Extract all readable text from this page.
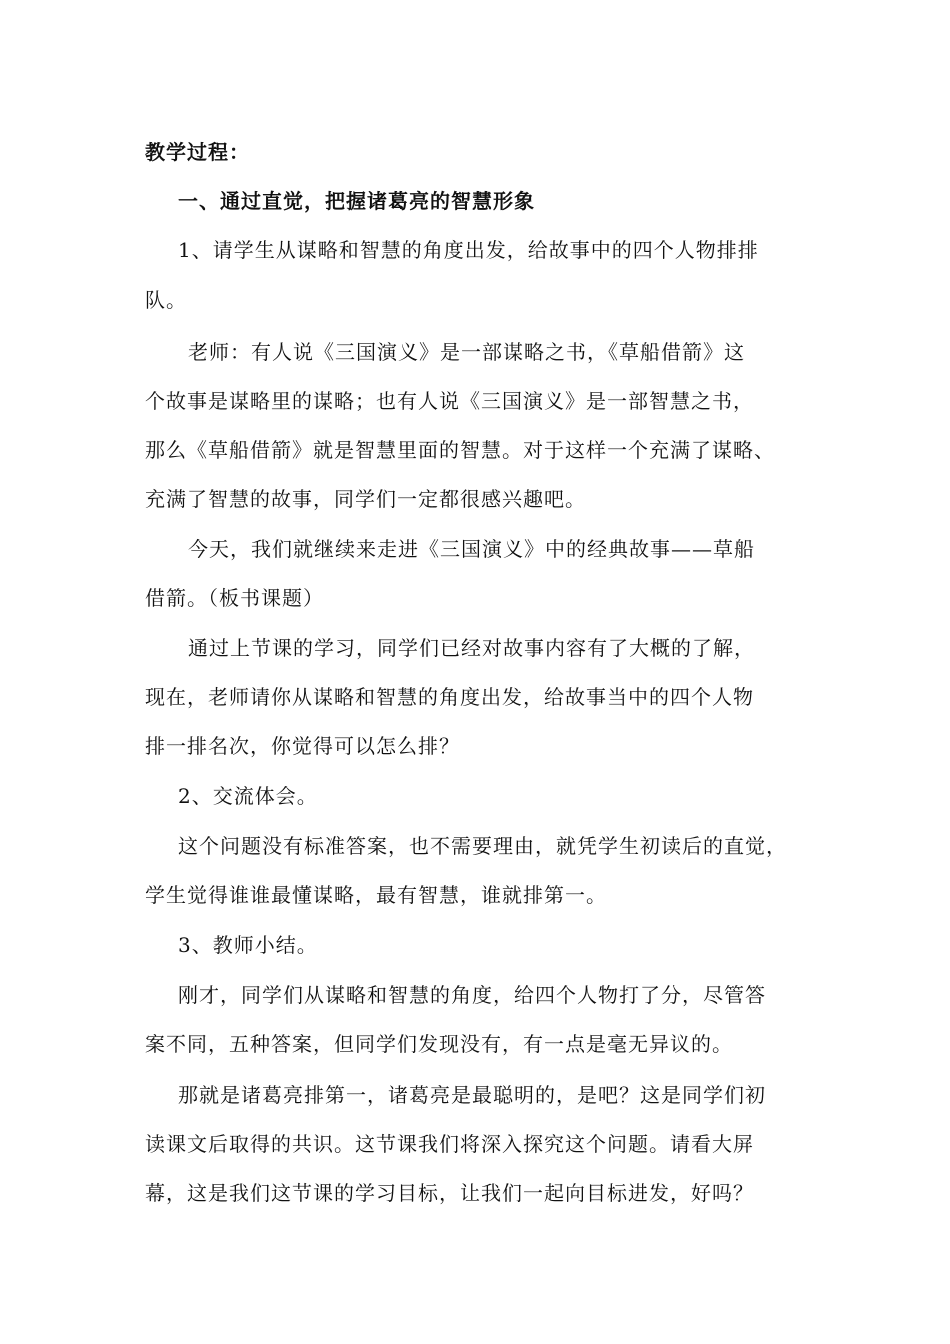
教学过程：
一、通过直觉，把握诸葛亮的智慧形象
1、请学生从谋略和智慧的角度出发，给故事中的四个人物排排
队。
老师：有人说《三国演义》是一部谋略之书，《草船借箭》这
个故事是谋略里的谋略；也有人说《三国演义》是一部智慧之书，
那么《草船借箭》就是智慧里面的智慧。对于这样一个充满了谋略、
充满了智慧的故事，同学们一定都很感兴趣吧。
今天，我们就继续来走进《三国演义》中的经典故事——草船
借箭。（板书课题）
通过上节课的学习，同学们已经对故事内容有了大概的了解，
现在，老师请你从谋略和智慧的角度出发，给故事当中的四个人物
排一排名次，你觉得可以怎么排？
2、交流体会。
这个问题没有标准答案，也不需要理由，就凭学生初读后的直觉，
学生觉得谁谁最懂谋略，最有智慧，谁就排第一。
3、教师小结。
刚才，同学们从谋略和智慧的角度，给四个人物打了分，尽管答
案不同，五种答案，但同学们发现没有，有一点是毫无异议的。
那就是诸葛亮排第一，诸葛亮是最聪明的，是吧？这是同学们初
读课文后取得的共识。这节课我们将深入探究这个问题。请看大屏
幕，这是我们这节课的学习目标，让我们一起向目标进发，好吗？
